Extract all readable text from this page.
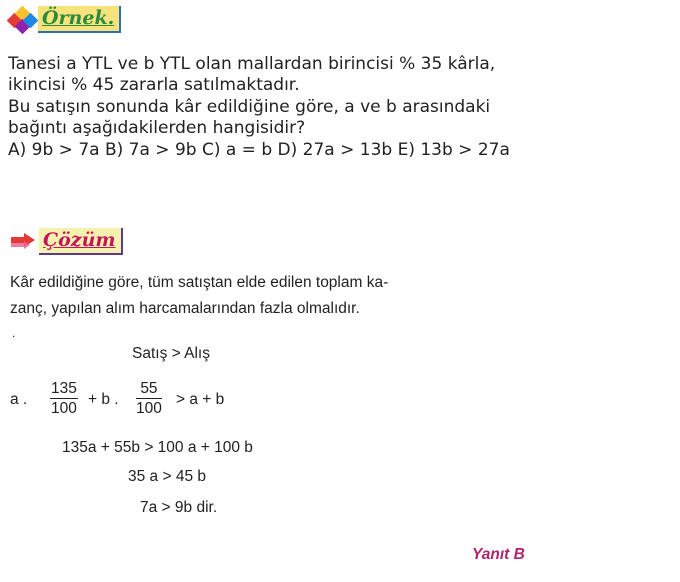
Örnek.
Tanesi a YTL ve b YTL olan mallardan birincisi % 35 kârla,
ikincisi % 45 zararla satılmaktadır.
Bu satışın sonunda kâr edildiğine göre, a ve b arasındaki
bağıntı aşağıdakilerden hangisidir?
A) 9b > 7a B) 7a > 9b C) a = b D) 27a > 13b E) 13b > 27a
Çözüm
Kâr edildiğine göre, tüm satıştan elde edilen toplam ka-
zanç, yapılan alım harcamalarından fazla olmalıdır.
.
Satış > Alış
a . $\frac{135}{100} + b$ . $\frac{55}{100} > a + b$
135a + 55b > 100 a + 100 b
35 a > 45 b
7a > 9b dir.
Yanıt B
